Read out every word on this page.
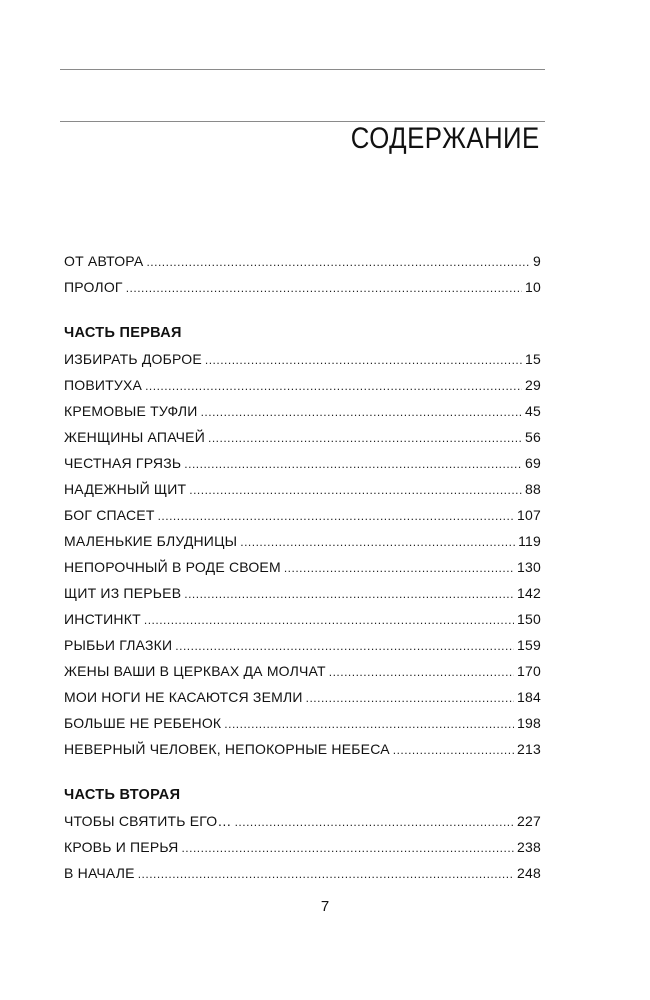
СОДЕРЖАНИЕ
ОТ АВТОРА .....	9
ПРОЛОГ .....	10
ЧАСТЬ ПЕРВАЯ
ИЗБИРАТЬ ДОБРОЕ .....	15
ПОВИТУХА .....	29
КРЕМОВЫЕ ТУФЛИ .....	45
ЖЕНЩИНЫ АПАЧЕЙ .....	56
ЧЕСТНАЯ ГРЯЗЬ .....	69
НАДЕЖНЫЙ ЩИТ .....	88
БОГ СПАСЕТ .....	107
МАЛЕНЬКИЕ БЛУДНИЦЫ .....	119
НЕПОРОЧНЫЙ В РОДЕ СВОЕМ .....	130
ЩИТ ИЗ ПЕРЬЕВ .....	142
ИНСТИНКТ .....	150
РЫБЬИ ГЛАЗКИ .....	159
ЖЕНЫ ВАШИ В ЦЕРКВАХ ДА МОЛЧАТ .....	170
МОИ НОГИ НЕ КАСАЮТСЯ ЗЕМЛИ .....	184
БОЛЬШЕ НЕ РЕБЕНОК .....	198
НЕВЕРНЫЙ ЧЕЛОВЕК, НЕПОКОРНЫЕ НЕБЕСА .....	213
ЧАСТЬ ВТОРАЯ
ЧТОБЫ СВЯТИТЬ ЕГО… .....	227
КРОВЬ И ПЕРЬЯ .....	238
В НАЧАЛЕ .....	248
7
